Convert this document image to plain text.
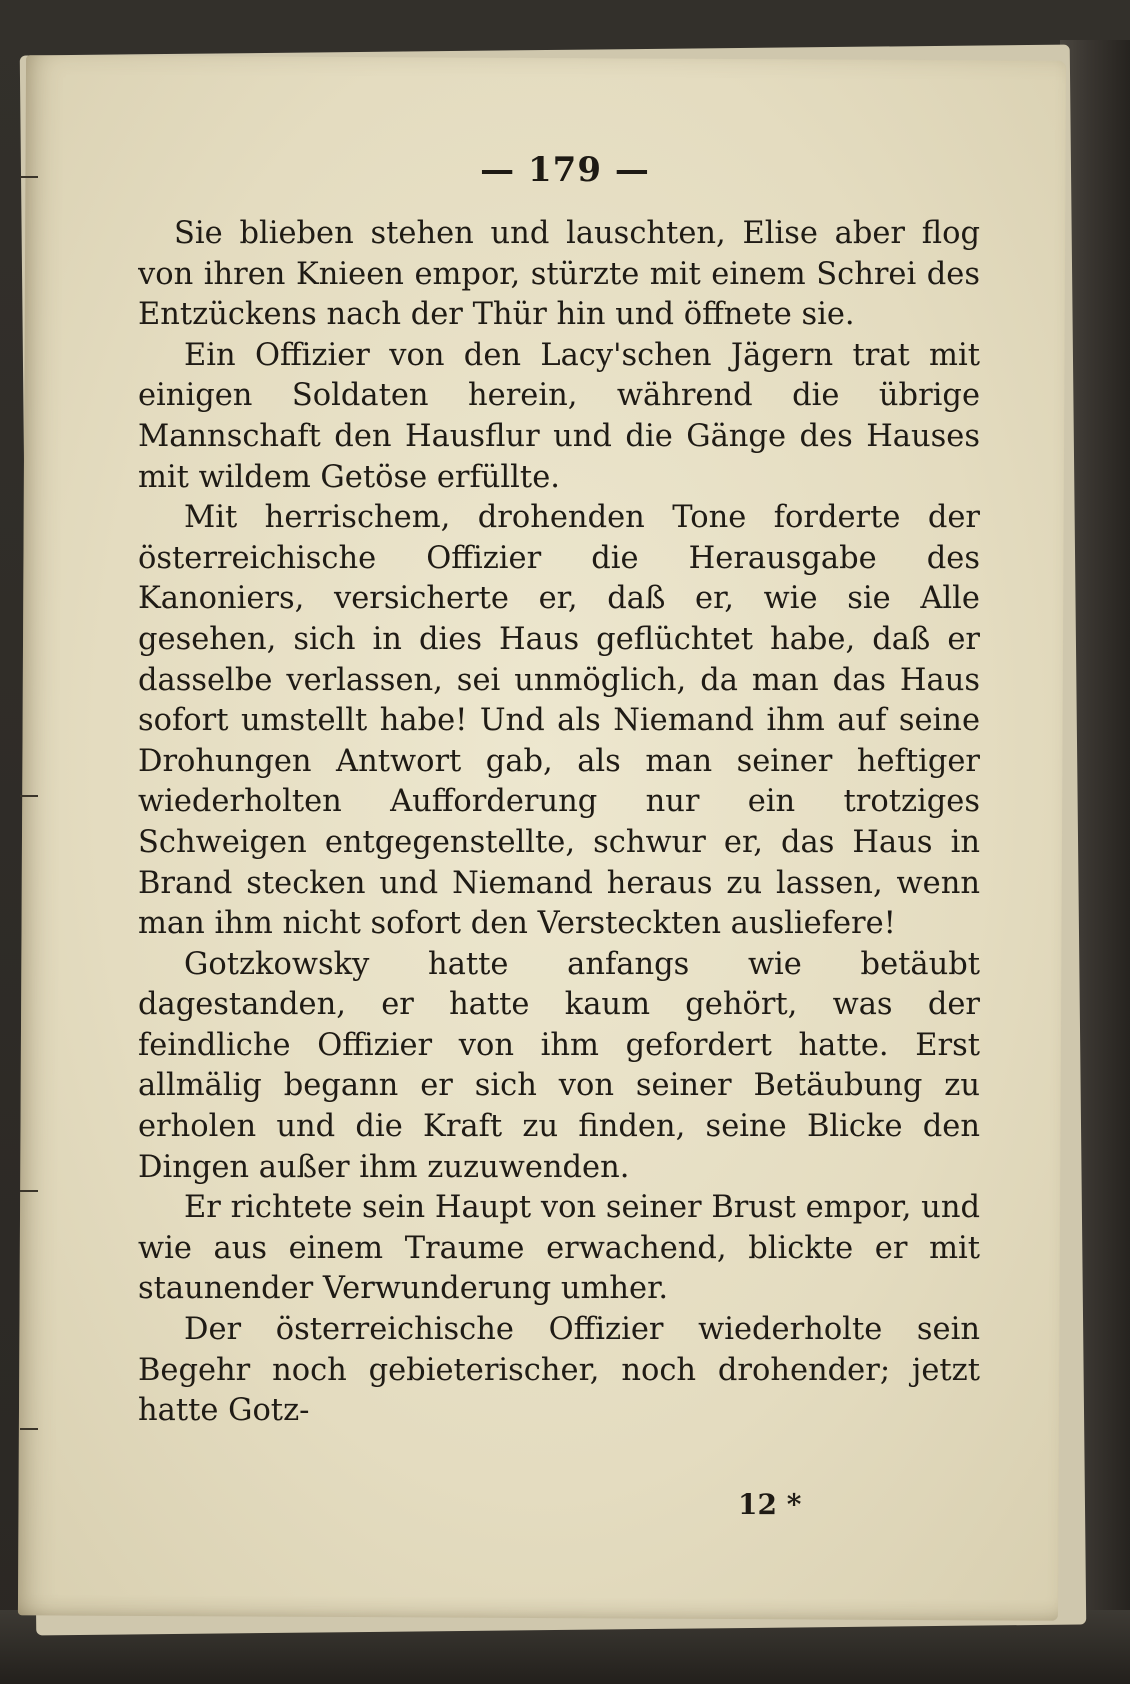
— 179 —

Sie blieben stehen und lauschten, Elise aber flog von ihren Knieen empor, stürzte mit einem Schrei des Entzückens nach der Thür hin und öffnete sie.

Ein Offizier von den Lacy'schen Jägern trat mit einigen Soldaten herein, während die übrige Mannschaft den Hausflur und die Gänge des Hauses mit wildem Getöse erfüllte.

Mit herrischem, drohenden Tone forderte der österreichische Offizier die Herausgabe des Kanoniers, versicherte er, daß er, wie sie Alle gesehen, sich in dies Haus geflüchtet habe, daß er dasselbe verlassen, sei unmöglich, da man das Haus sofort umstellt habe! Und als Niemand ihm auf seine Drohungen Antwort gab, als man seiner heftiger wiederholten Aufforderung nur ein trotziges Schweigen entgegenstellte, schwur er, das Haus in Brand stecken und Niemand heraus zu lassen, wenn man ihm nicht sofort den Versteckten ausliefere!

Gotzkowsky hatte anfangs wie betäubt dagestanden, er hatte kaum gehört, was der feindliche Offizier von ihm gefordert hatte. Erst allmälig begann er sich von seiner Betäubung zu erholen und die Kraft zu finden, seine Blicke den Dingen außer ihm zuzuwenden.

Er richtete sein Haupt von seiner Brust empor, und wie aus einem Traume erwachend, blickte er mit staunender Verwunderung umher.

Der österreichische Offizier wiederholte sein Begehr noch gebieterischer, noch drohender; jetzt hatte Gotz-

12 *
